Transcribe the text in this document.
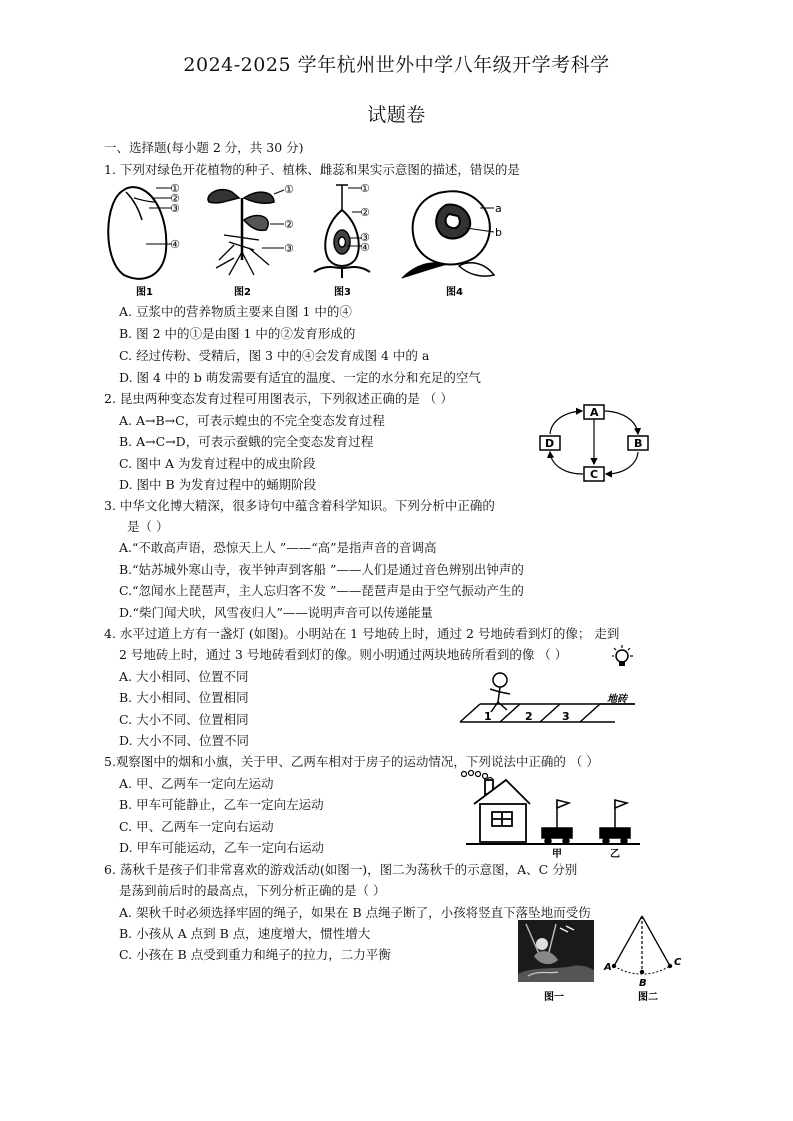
2024-2025 学年杭州世外中学八年级开学考科学
试题卷
一、选择题(每小题 2 分，共 30 分)
1. 下列对绿色开花植物的种子、植株、雌蕊和果实示意图的描述，错误的是
①
②
③
④
图1
①
②
③
图2
①
②
③
④
图3
a
b
图4
A. 豆浆中的营养物质主要来自图 1 中的④
B. 图 2 中的①是由图 1 中的②发育形成的
C. 经过传粉、受精后，图 3 中的④会发育成图 4 中的 a
D. 图 4 中的 b 萌发需要有适宜的温度、一定的水分和充足的空气
2. 昆虫两种变态发育过程可用图表示，下列叙述正确的是 （ ）
A. A→B→C，可表示蝗虫的不完全变态发育过程
B. A→C→D，可表示蚕蛾的完全变态发育过程
C. 图中 A 为发育过程中的成虫阶段
D. 图中 B 为发育过程中的蛹期阶段
A
B
C
D
3. 中华文化博大精深，很多诗句中蕴含着科学知识。下列分析中正确的
是（ ）
A.“不敢高声语，恐惊天上人 ”——“高”是指声音的音调高
B.“姑苏城外寒山寺，夜半钟声到客船 ”——人们是通过音色辨别出钟声的
C.“忽闻水上琵琶声，主人忘归客不发 ”——琵琶声是由于空气振动产生的
D.“柴门闻犬吠，风雪夜归人”——说明声音可以传递能量
4. 水平过道上方有一盏灯 (如图)。小明站在 1 号地砖上时，通过 2 号地砖看到灯的像； 走到
2 号地砖上时，通过 3 号地砖看到灯的像。则小明通过两块地砖所看到的像 （ ）
A. 大小相同、位置不同
B. 大小相同、位置相同
C. 大小不同、位置相同
D. 大小不同、位置不同
1	2	3
地砖
5.观察图中的烟和小旗，关于甲、乙两车相对于房子的运动情况，下列说法中正确的 （ ）
A. 甲、乙两车一定向左运动
B. 甲车可能静止，乙车一定向左运动
C. 甲、乙两车一定向右运动
D. 甲车可能运动，乙车一定向右运动	甲	乙
6. 荡秋千是孩子们非常喜欢的游戏活动(如图一)，图二为荡秋千的示意图，A、C 分别
是荡到前后时的最高点，下列分析正确的是（ ）
A. 架秋千时必须选择牢固的绳子，如果在 B 点绳子断了，小孩将竖直下落坠地而受伤
B. 小孩从 A 点到 B 点，速度增大，惯性增大
C. 小孩在 B 点受到重力和绳子的拉力，二力平衡
图一
A
B
C
图二
